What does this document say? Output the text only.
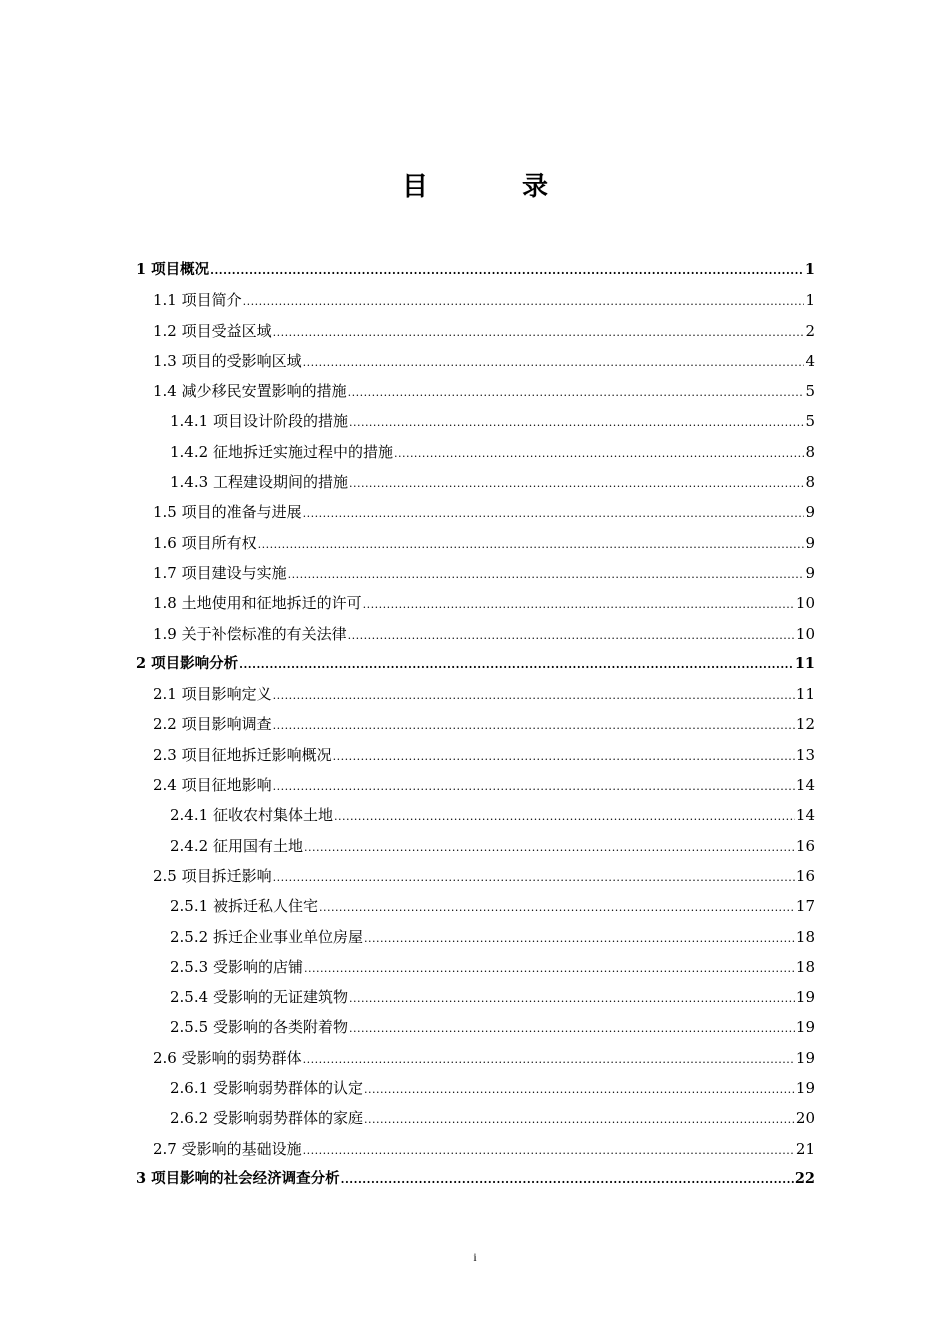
目　录
1 项目概况 .....	1
1.1 项目简介 .....	1
1.2 项目受益区域 .....	2
1.3 项目的受影响区域 .....	4
1.4 减少移民安置影响的措施 .....	5
1.4.1 项目设计阶段的措施 .....	5
1.4.2 征地拆迁实施过程中的措施 .....	8
1.4.3 工程建设期间的措施 .....	8
1.5 项目的准备与进展 .....	9
1.6 项目所有权 .....	9
1.7 项目建设与实施 .....	9
1.8 土地使用和征地拆迁的许可 .....	10
1.9 关于补偿标准的有关法律 .....	10
2 项目影响分析 .....	11
2.1 项目影响定义 .....	11
2.2 项目影响调查 .....	12
2.3 项目征地拆迁影响概况 .....	13
2.4 项目征地影响 .....	14
2.4.1 征收农村集体土地 .....	14
2.4.2 征用国有土地 .....	16
2.5 项目拆迁影响 .....	16
2.5.1 被拆迁私人住宅 .....	17
2.5.2 拆迁企业事业单位房屋 .....	18
2.5.3 受影响的店铺 .....	18
2.5.4 受影响的无证建筑物 .....	19
2.5.5 受影响的各类附着物 .....	19
2.6 受影响的弱势群体 .....	19
2.6.1 受影响弱势群体的认定 .....	19
2.6.2 受影响弱势群体的家庭 .....	20
2.7 受影响的基础设施 .....	21
3 项目影响的社会经济调查分析 .....	22
i
